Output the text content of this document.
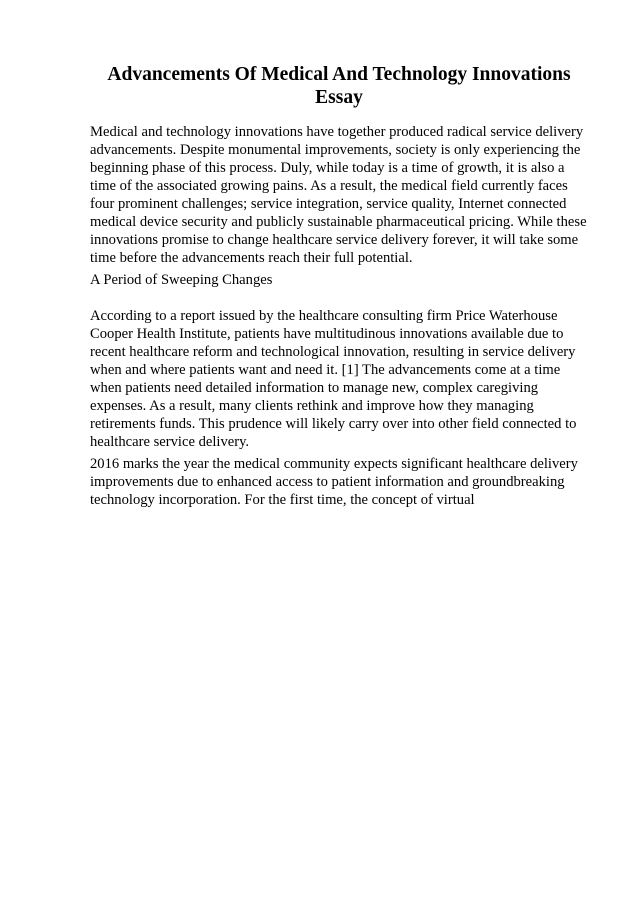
Advancements Of Medical And Technology Innovations
Essay
Medical and technology innovations have together produced radical service delivery
advancements. Despite monumental improvements, society is only experiencing the
beginning phase of this process. Duly, while today is a time of growth, it is also a
time of the associated growing pains. As a result, the medical field currently faces
four prominent challenges; service integration, service quality, Internet connected
medical device security and publicly sustainable pharmaceutical pricing. While these
innovations promise to change healthcare service delivery forever, it will take some
time before the advancements reach their full potential.
A Period of Sweeping Changes
According to a report issued by the healthcare consulting firm Price Waterhouse
Cooper Health Institute, patients have multitudinous innovations available due to
recent healthcare reform and technological innovation, resulting in service delivery
when and where patients want and need it. [1] The advancements come at a time
when patients need detailed information to manage new, complex caregiving
expenses. As a result, many clients rethink and improve how they managing
retirements funds. This prudence will likely carry over into other field connected to
healthcare service delivery.
2016 marks the year the medical community expects significant healthcare delivery
improvements due to enhanced access to patient information and groundbreaking
technology incorporation. For the first time, the concept of virtual
